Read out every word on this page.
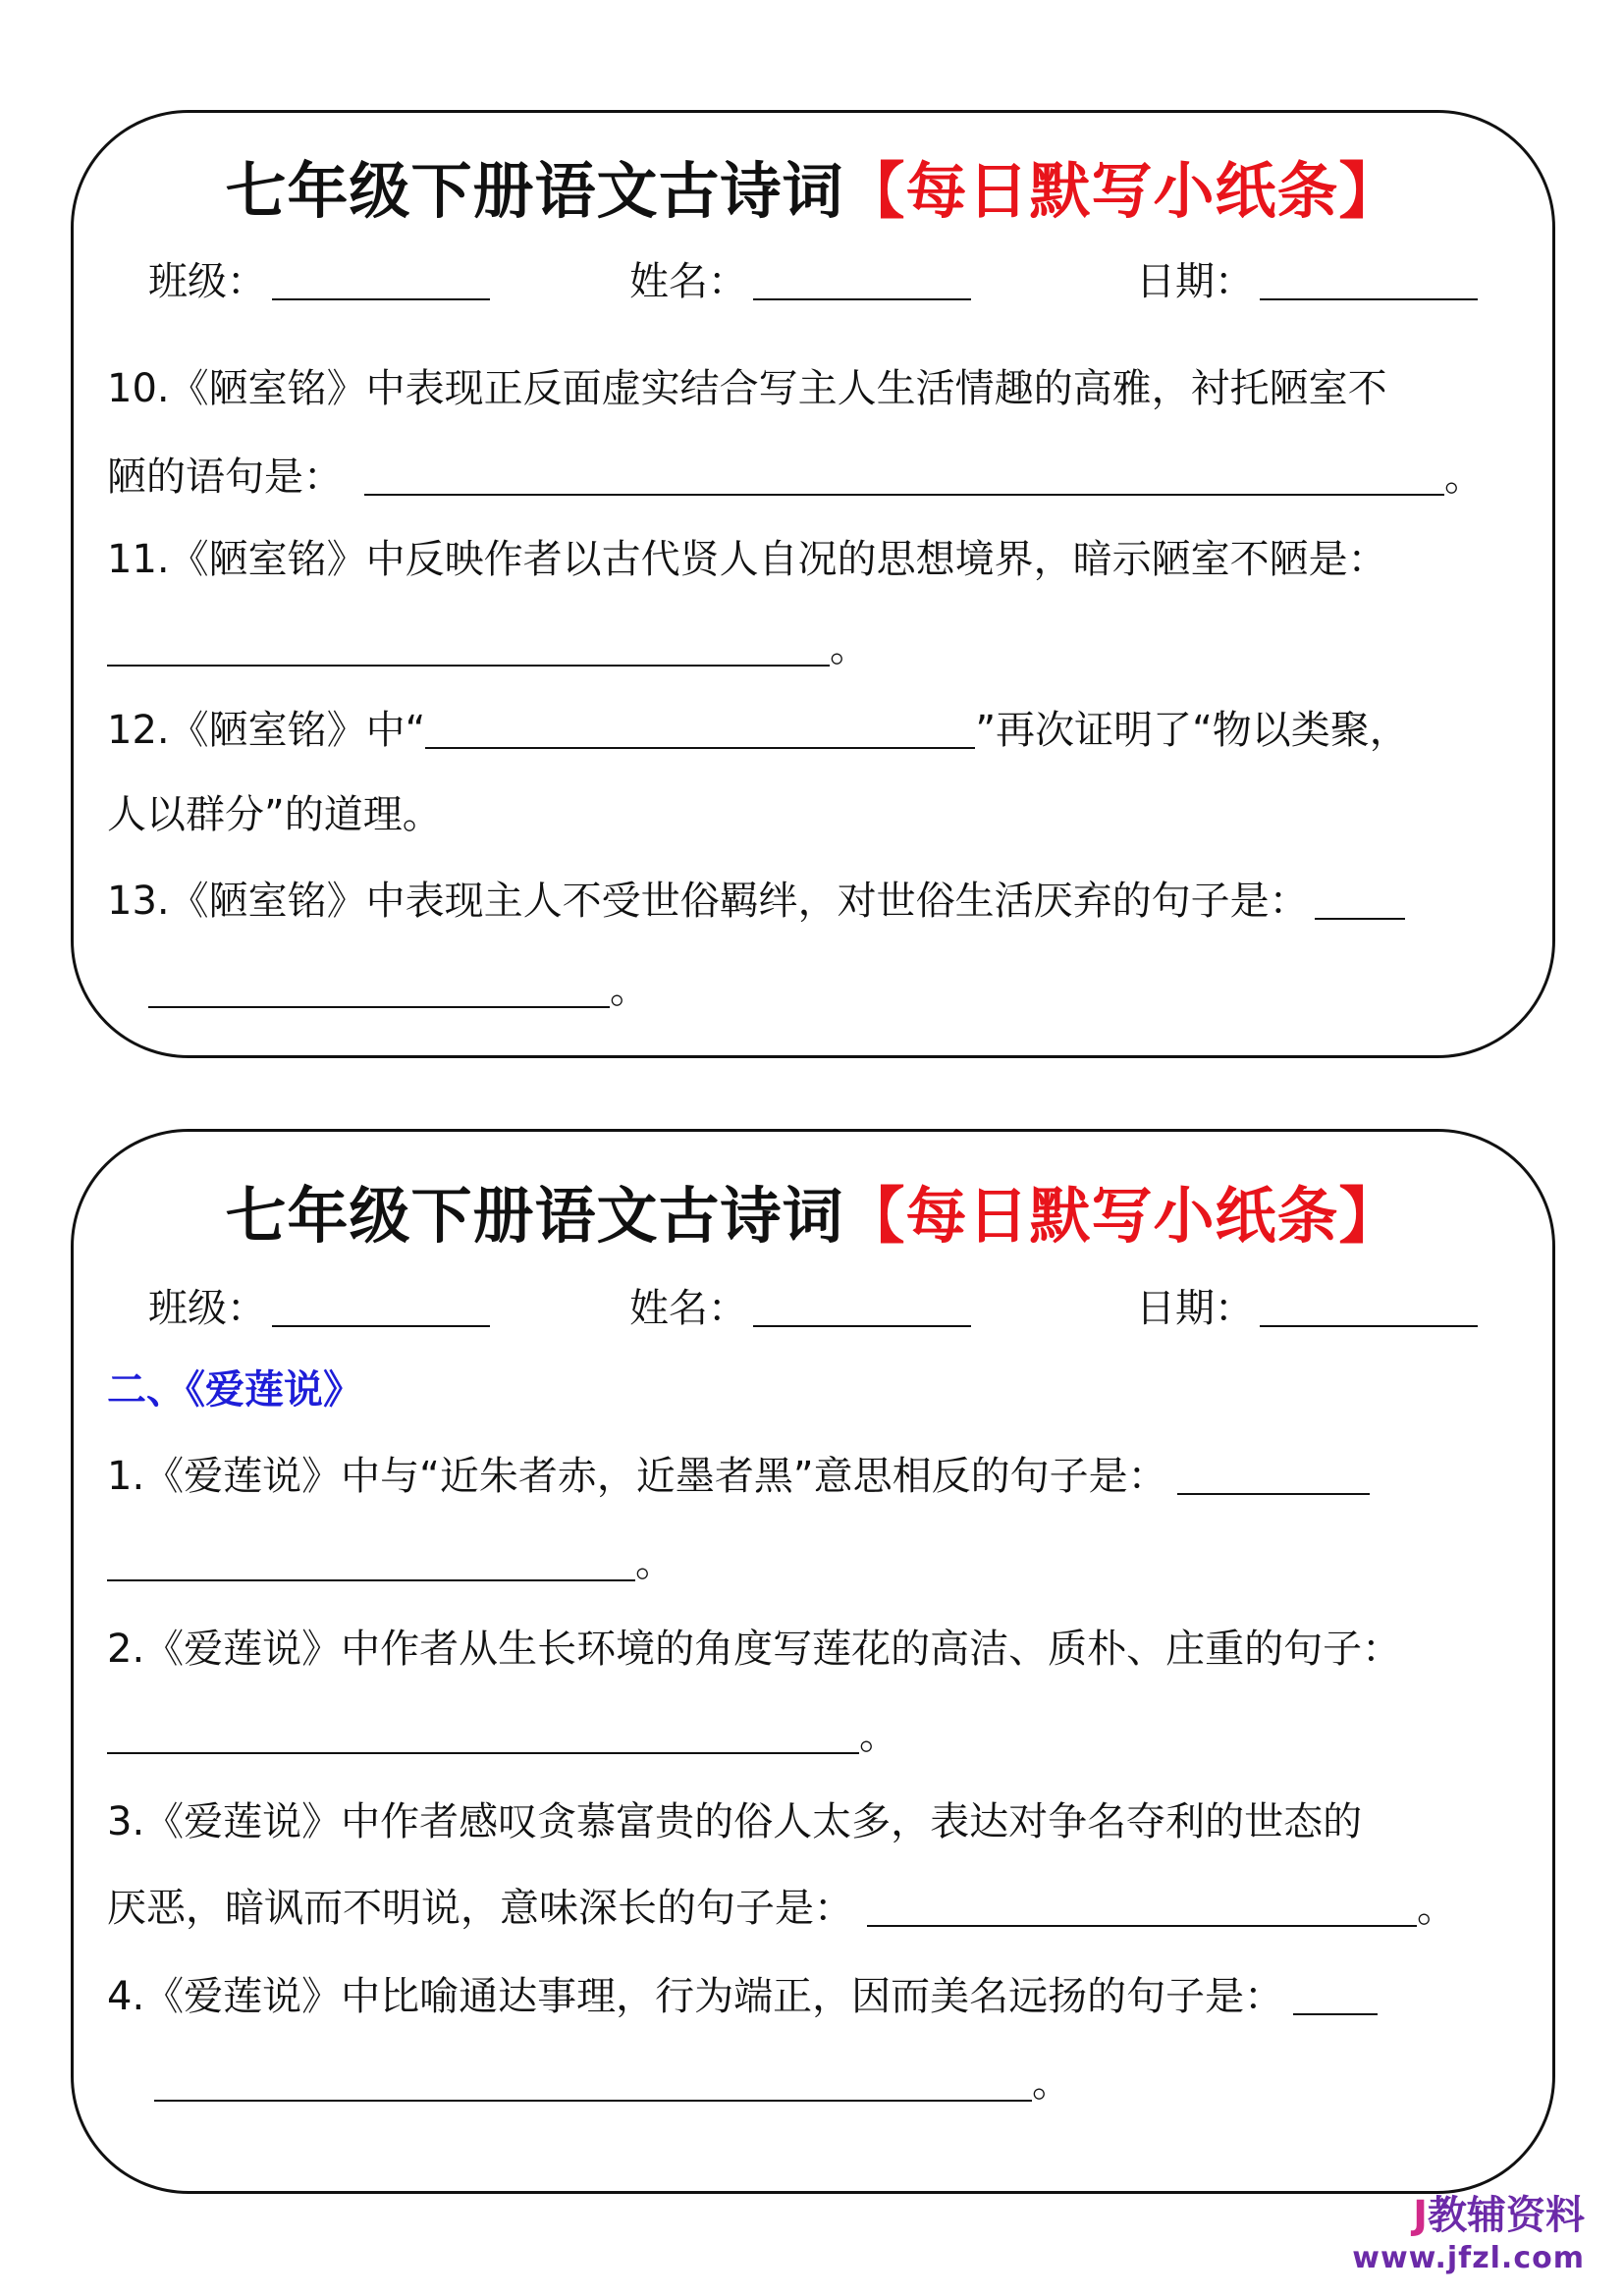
七年级下册语文古诗词【每日默写小纸条】
班级：	姓名：	日期：
10.《陋室铭》中表现正反面虚实结合写主人生活情趣的高雅，衬托陋室不
陋的语句是：	。
11.《陋室铭》中反映作者以古代贤人自况的思想境界，暗示陋室不陋是：
。
12.《陋室铭》中“	”再次证明了“物以类聚，
人以群分”的道理。
13.《陋室铭》中表现主人不受世俗羁绊，对世俗生活厌弃的句子是：
。
七年级下册语文古诗词【每日默写小纸条】
班级：	姓名：	日期：
二、《爱莲说》
1.《爱莲说》中与“近朱者赤，近墨者黑”意思相反的句子是：
。
2.《爱莲说》中作者从生长环境的角度写莲花的高洁、质朴、庄重的句子：
。
3.《爱莲说》中作者感叹贪慕富贵的俗人太多，表达对争名夺利的世态的
厌恶，暗讽而不明说，意味深长的句子是：	。
4.《爱莲说》中比喻通达事理，行为端正，因而美名远扬的句子是：
。
J教辅资料
www.jfzl.com
